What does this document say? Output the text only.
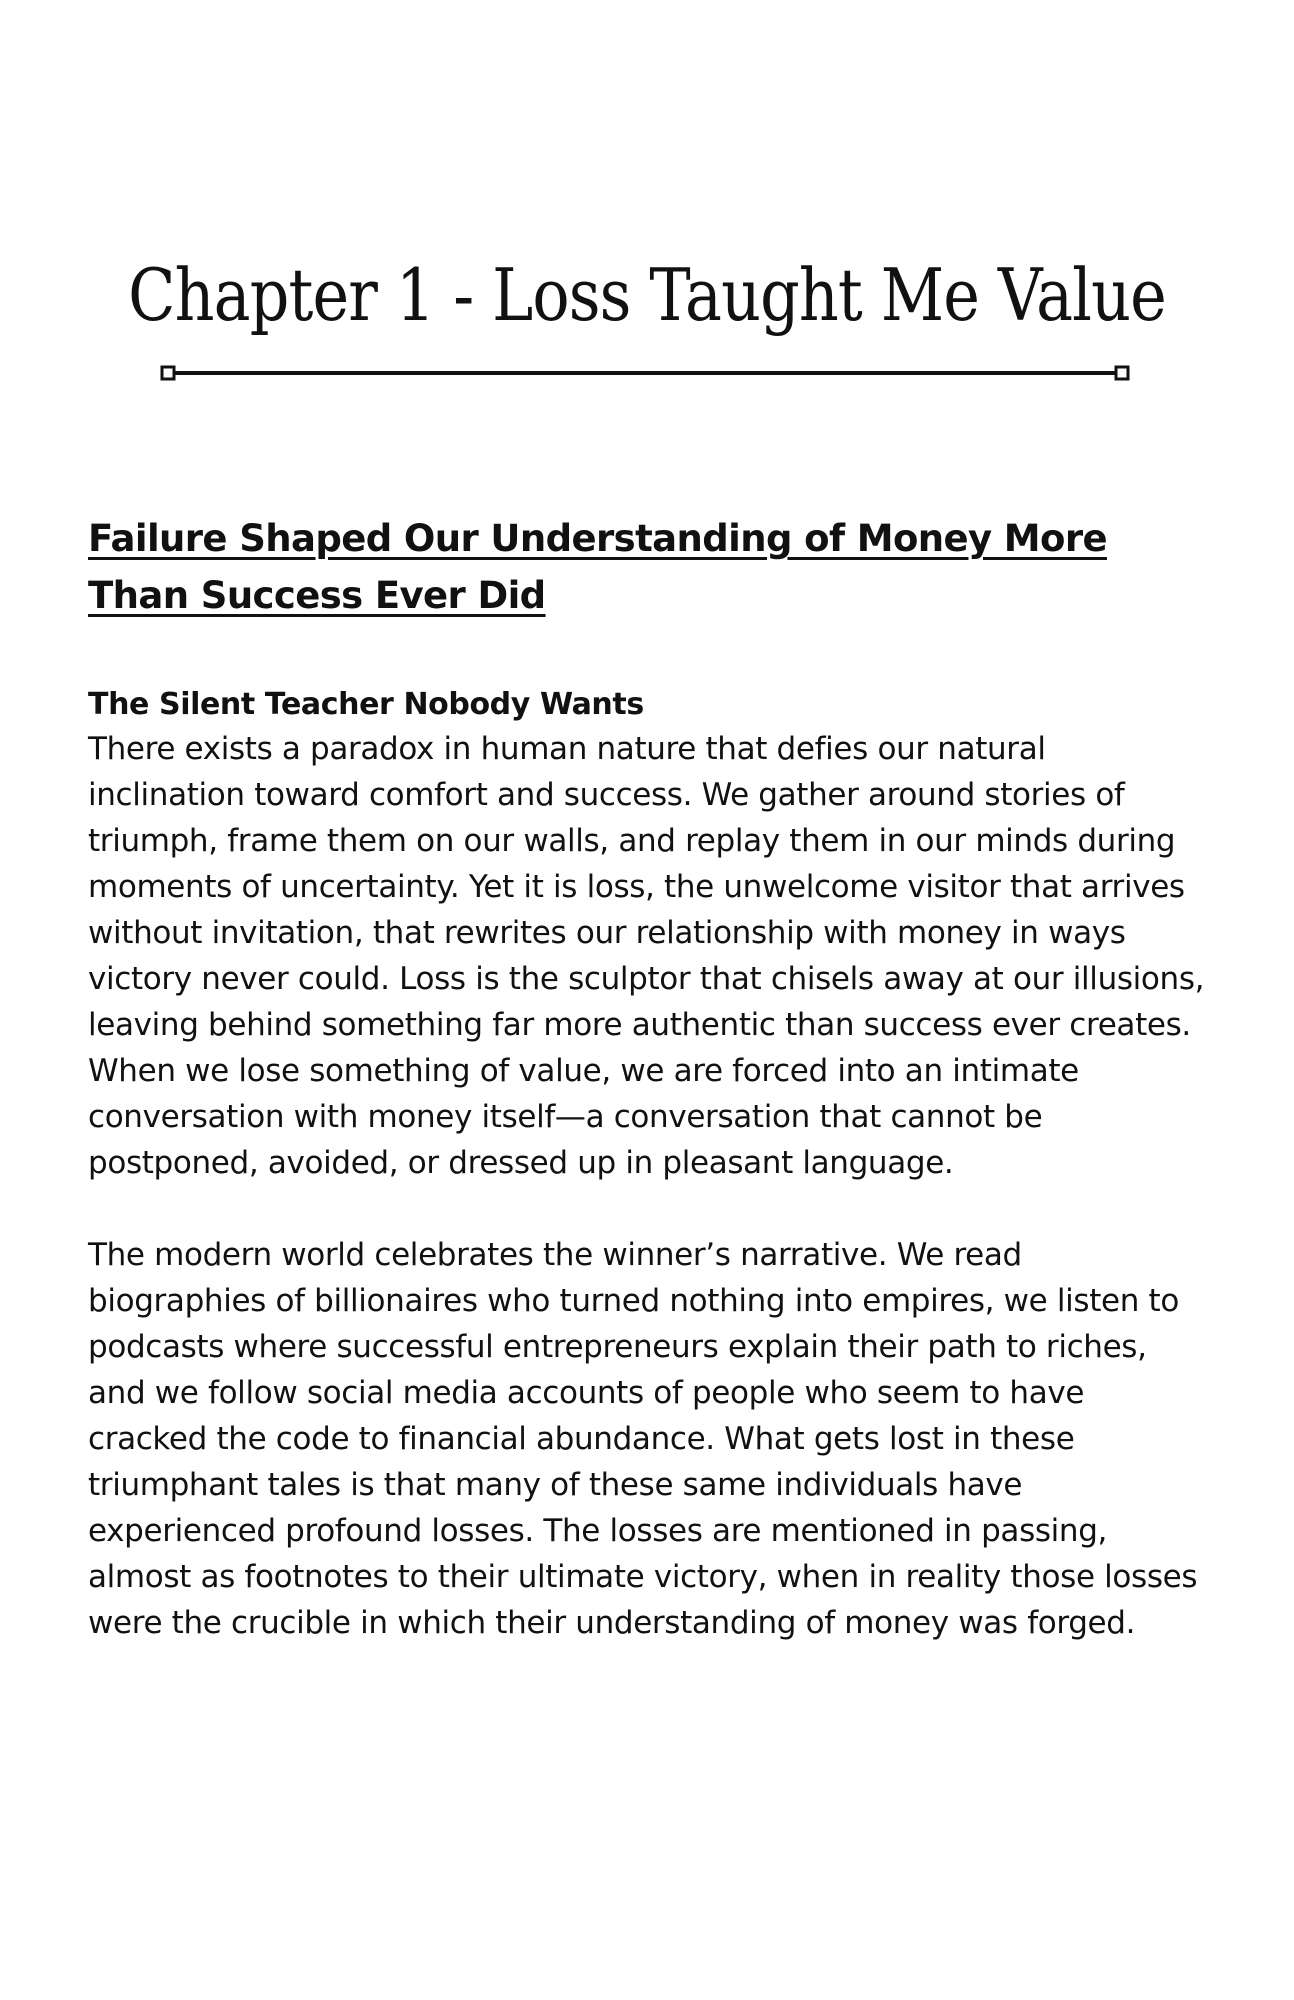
Chapter 1 - Loss Taught Me Value
Failure Shaped Our Understanding of Money More Than Success Ever Did
The Silent Teacher Nobody Wants

There exists a paradox in human nature that defies our natural inclination toward comfort and success. We gather around stories of triumph, frame them on our walls, and replay them in our minds during moments of uncertainty. Yet it is loss, the unwelcome visitor that arrives without invitation, that rewrites our relationship with money in ways victory never could. Loss is the sculptor that chisels away at our illusions, leaving behind something far more authentic than success ever creates. When we lose something of value, we are forced into an intimate conversation with money itself—a conversation that cannot be postponed, avoided, or dressed up in pleasant language.

The modern world celebrates the winner’s narrative. We read biographies of billionaires who turned nothing into empires, we listen to podcasts where successful entrepreneurs explain their path to riches, and we follow social media accounts of people who seem to have cracked the code to financial abundance. What gets lost in these triumphant tales is that many of these same individuals have experienced profound losses. The losses are mentioned in passing, almost as footnotes to their ultimate victory, when in reality those losses were the crucible in which their understanding of money was forged.
